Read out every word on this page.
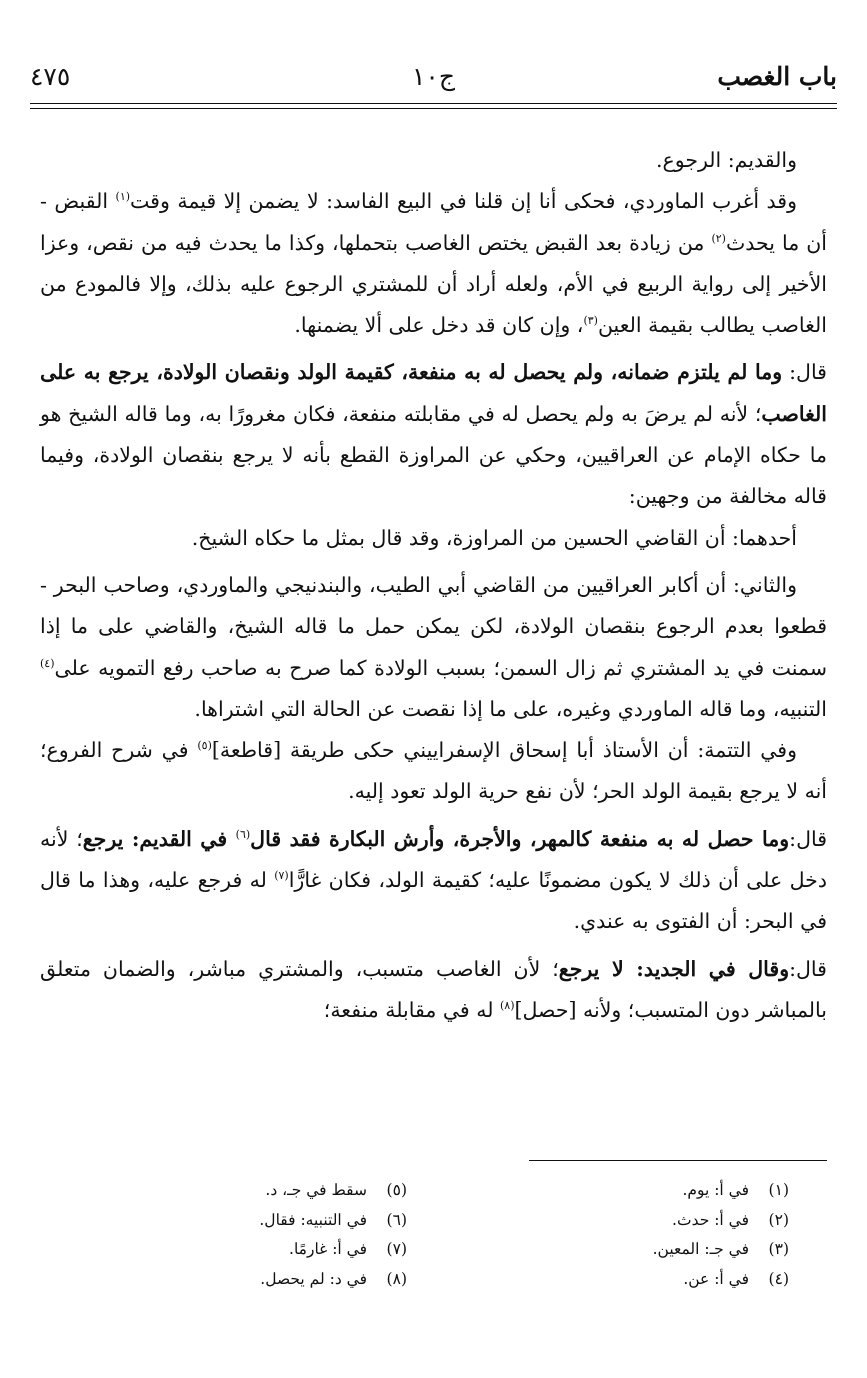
باب الغصب
ج١٠
٤٧٥

والقديم: الرجوع.

وقد أغرب الماوردي، فحكى أنا إن قلنا في البيع الفاسد: لا يضمن إلا قيمة وقت$^{(١)}$ القبض - أن ما يحدث$^{(٢)}$ من زيادة بعد القبض يختص الغاصب بتحملها، وكذا ما يحدث فيه من نقص، وعزا الأخير إلى رواية الربيع في الأم، ولعله أراد أن للمشتري الرجوع عليه بذلك، وإلا فالمودع من الغاصب يطالب بقيمة العين$^{(٣)}$، وإن كان قد دخل على ألا يضمنها.

قال: وما لم يلتزم ضمانه، ولم يحصل له به منفعة، كقيمة الولد ونقصان الولادة، يرجع به على الغاصب؛ لأنه لم يرضَ به ولم يحصل له في مقابلته منفعة، فكان مغرورًا به، وما قاله الشيخ هو ما حكاه الإمام عن العراقيين، وحكي عن المراوزة القطع بأنه لا يرجع بنقصان الولادة، وفيما قاله مخالفة من وجهين:

أحدهما: أن القاضي الحسين من المراوزة، وقد قال بمثل ما حكاه الشيخ.

والثاني: أن أكابر العراقيين من القاضي أبي الطيب، والبندنيجي والماوردي، وصاحب البحر - قطعوا بعدم الرجوع بنقصان الولادة، لكن يمكن حمل ما قاله الشيخ، والقاضي على ما إذا سمنت في يد المشتري ثم زال السمن؛ بسبب الولادة كما صرح به صاحب رفع التمويه على$^{(٤)}$ التنبيه، وما قاله الماوردي وغيره، على ما إذا نقصت عن الحالة التي اشتراها.

وفي التتمة: أن الأستاذ أبا إسحاق الإسفراييني حكى طريقة [قاطعة]$^{(٥)}$ في شرح الفروع؛ أنه لا يرجع بقيمة الولد الحر؛ لأن نفع حرية الولد تعود إليه.

قال:وما حصل له به منفعة كالمهر، والأجرة، وأرش البكارة فقد قال$^{(٦)}$ في القديم: يرجع؛ لأنه دخل على أن ذلك لا يكون مضمونًا عليه؛ كقيمة الولد، فكان غارًّا$^{(٧)}$ له فرجع عليه، وهذا ما قال في البحر: أن الفتوى به عندي.

قال:وقال في الجديد: لا يرجع؛ لأن الغاصب متسبب، والمشتري مباشر، والضمان متعلق بالمباشر دون المتسبب؛ ولأنه [حصل]$^{(٨)}$ له في مقابلة منفعة؛

(١)في أ: يوم.
(٢)في أ: حدث.
(٣)في جـ: المعين.
(٤)في أ: عن.
(٥)سقط في جـ، د.
(٦)في التنبيه: فقال.
(٧)في أ: غارمًا.
(٨)في د: لم يحصل.
